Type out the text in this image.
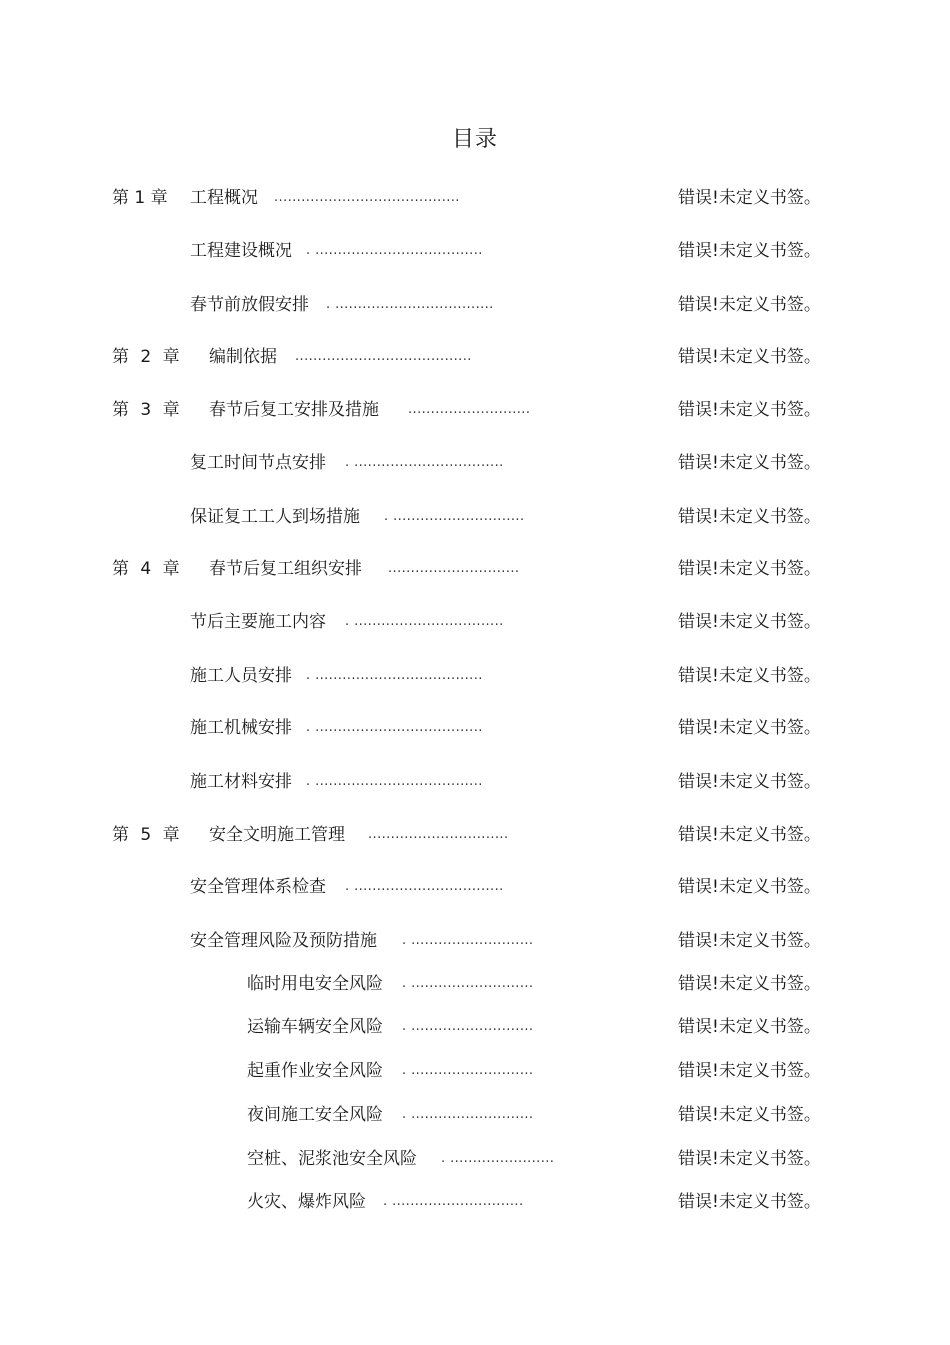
目录
第 1 章 工程概况 .........................................	错误!未定义书签。
工程建设概况 . .....................................	错误!未定义书签。
春节前放假安排 . ...................................	错误!未定义书签。
第 2 章 编制依据 .......................................	错误!未定义书签。
第 3 章 春节后复工安排及措施 ...........................	错误!未定义书签。
复工时间节点安排 . .................................	错误!未定义书签。
保证复工工人到场措施 . .............................	错误!未定义书签。
第 4 章 春节后复工组织安排 .............................	错误!未定义书签。
节后主要施工内容 . .................................	错误!未定义书签。
施工人员安排 . .....................................	错误!未定义书签。
施工机械安排 . .....................................	错误!未定义书签。
施工材料安排 . .....................................	错误!未定义书签。
第 5 章 安全文明施工管理 ...............................	错误!未定义书签。
安全管理体系检查 . .................................	错误!未定义书签。
安全管理风险及预防措施 . ...........................	错误!未定义书签。
临时用电安全风险 . ...........................	错误!未定义书签。
运输车辆安全风险 . ...........................	错误!未定义书签。
起重作业安全风险 . ...........................	错误!未定义书签。
夜间施工安全风险 . ...........................	错误!未定义书签。
空桩、泥浆池安全风险 . .......................	错误!未定义书签。
火灾、爆炸风险 . .............................	错误!未定义书签。
